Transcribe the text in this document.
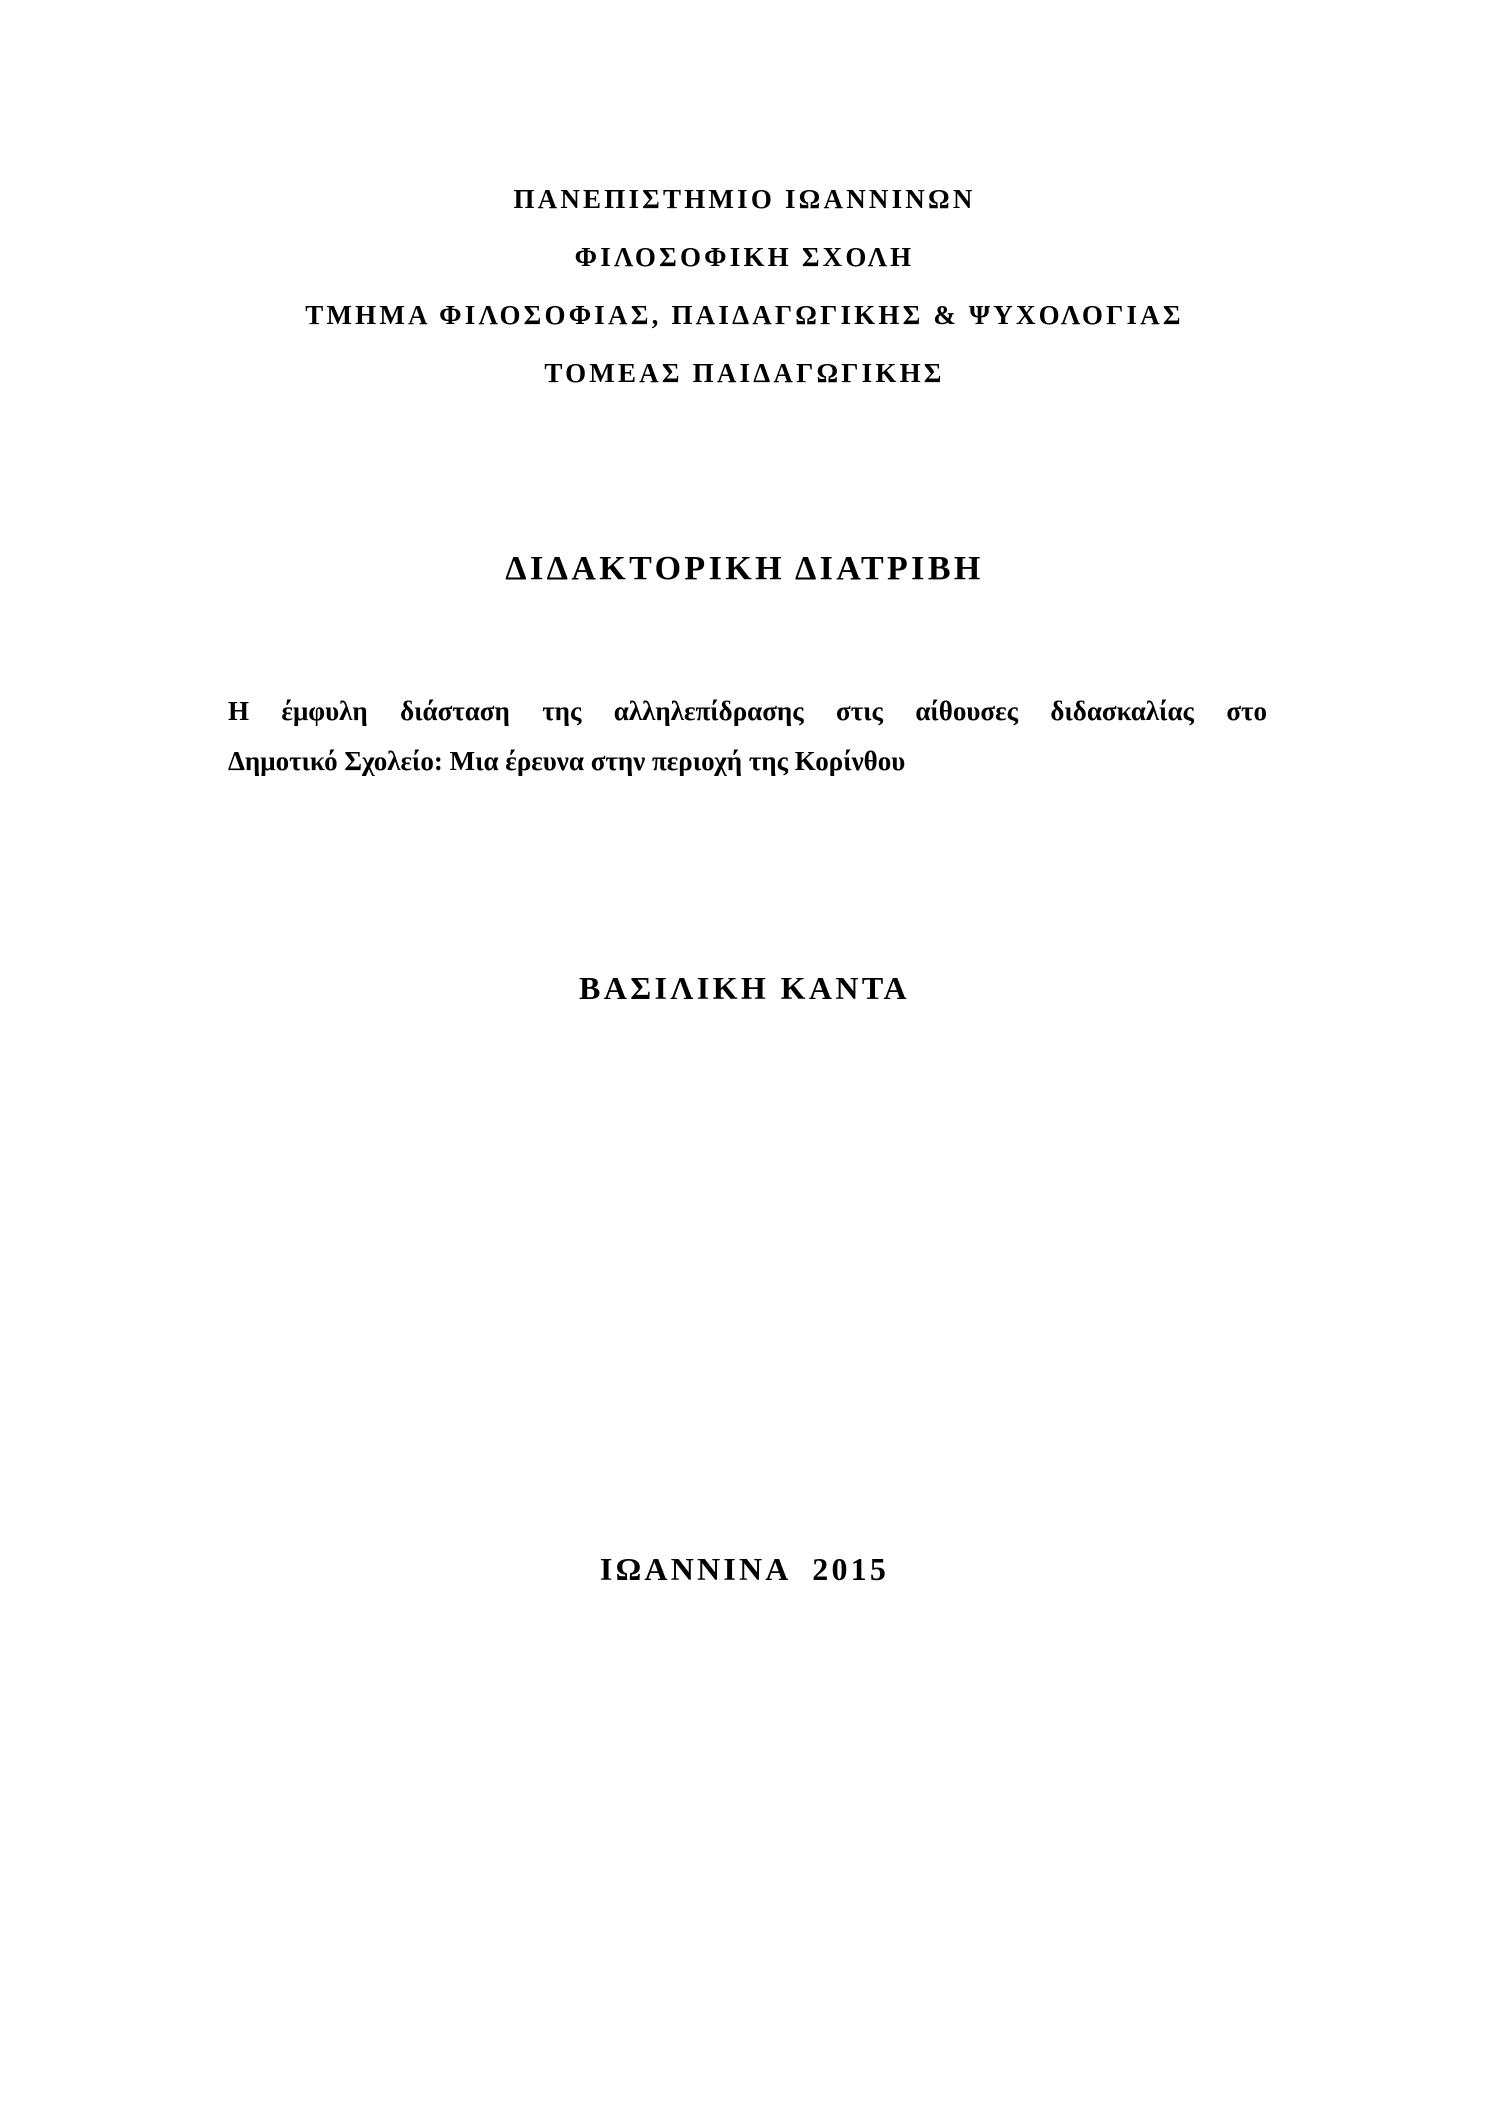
ΠΑΝΕΠΙΣΤΗΜΙΟ ΙΩΑΝΝΙΝΩΝ
ΦΙΛΟΣΟΦΙΚΗ ΣΧΟΛΗ
ΤΜΗΜΑ ΦΙΛΟΣΟΦΙΑΣ, ΠΑΙΔΑΓΩΓΙΚΗΣ & ΨΥΧΟΛΟΓΙΑΣ
ΤΟΜΕΑΣ ΠΑΙΔΑΓΩΓΙΚΗΣ
ΔΙΔΑΚΤΟΡΙΚΗ ΔΙΑΤΡΙΒΗ
Η έμφυλη διάσταση της αλληλεπίδρασης στις αίθουσες διδασκαλίας στο
Δημοτικό Σχολείο: Μια έρευνα στην περιοχή της Κορίνθου
ΒΑΣΙΛΙΚΗ ΚΑΝΤΑ
ΙΩΑΝΝΙΝΑ 2015
